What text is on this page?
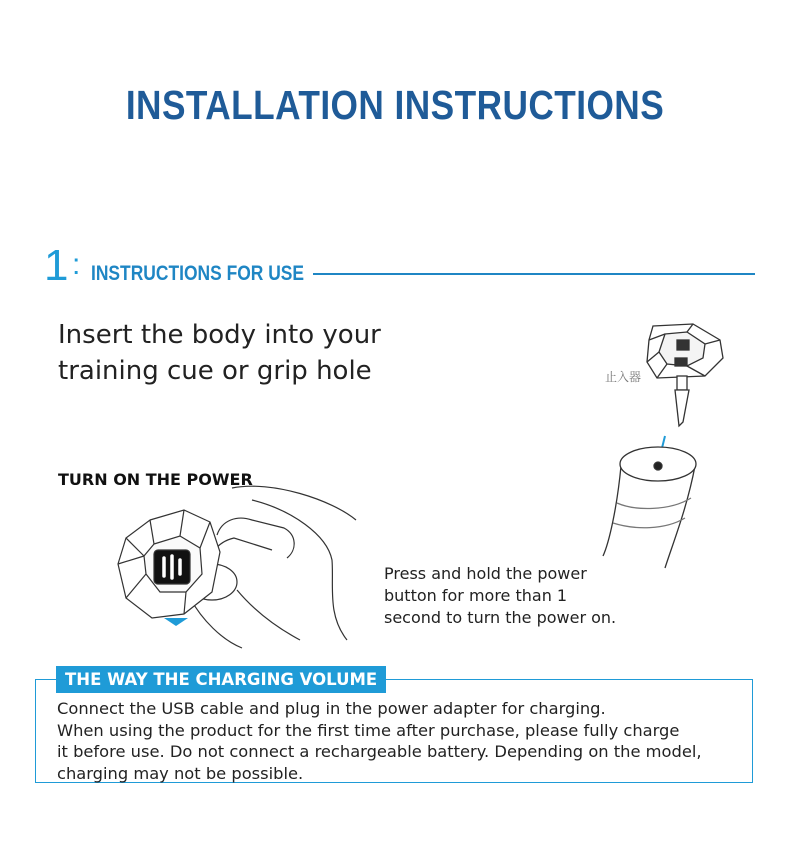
INSTALLATION INSTRUCTIONS
1 : INSTRUCTIONS FOR USE
Insert the body into your
training cue or grip hole	止入器
TURN ON THE POWER
Press and hold the power
button for more than 1
second to turn the power on.
THE WAY THE CHARGING VOLUME
Connect the USB cable and plug in the power adapter for charging.
When using the product for the first time after purchase, please fully charge
it before use. Do not connect a rechargeable battery. Depending on the model,
charging may not be possible.
